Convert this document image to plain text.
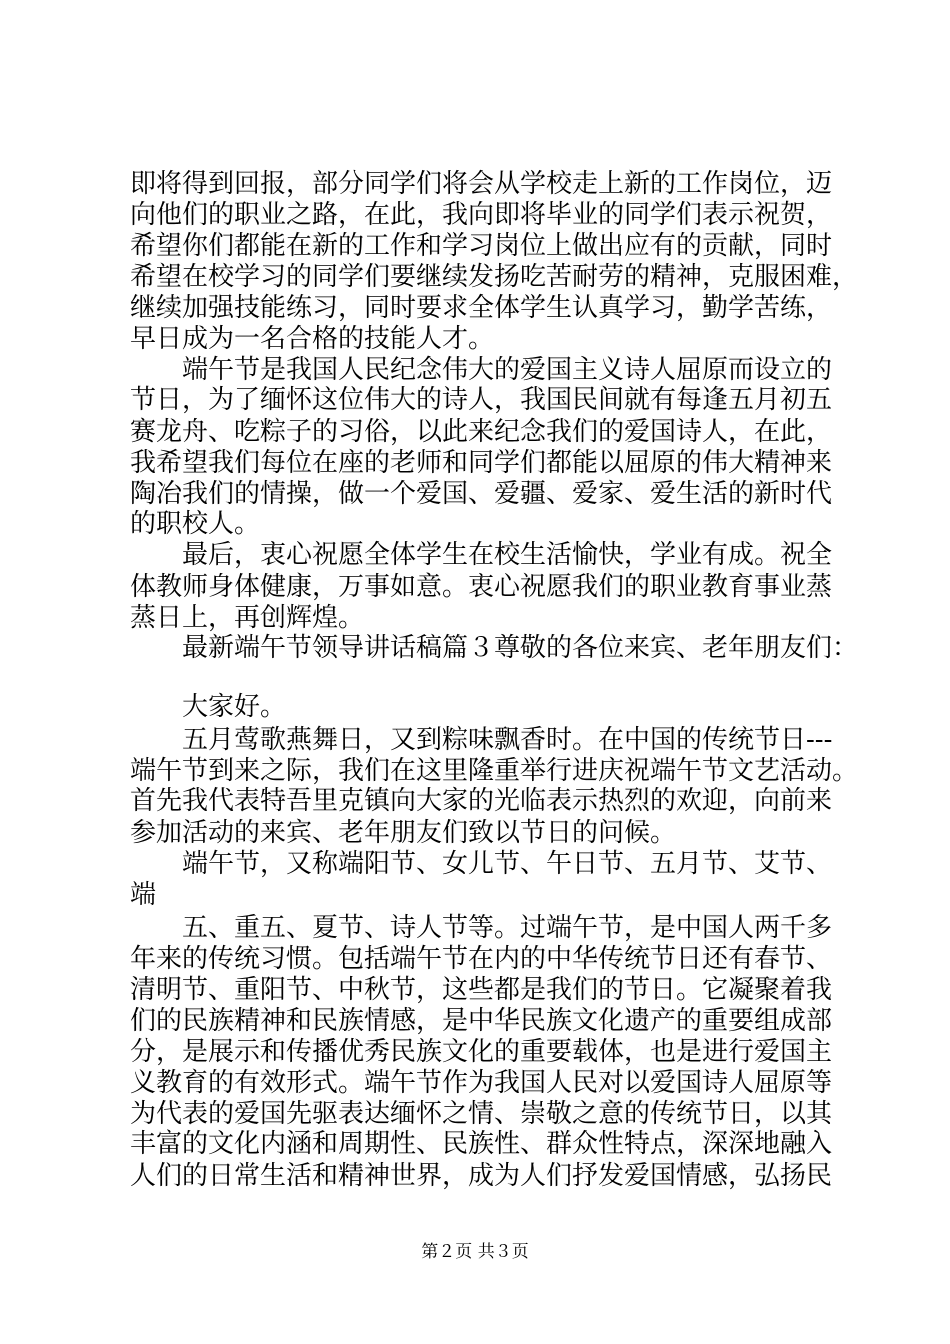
即将得到回报，部分同学们将会从学校走上新的工作岗位，迈
向他们的职业之路，在此，我向即将毕业的同学们表示祝贺，
希望你们都能在新的工作和学习岗位上做出应有的贡献，同时
希望在校学习的同学们要继续发扬吃苦耐劳的精神，克服困难，
继续加强技能练习，同时要求全体学生认真学习，勤学苦练，
早日成为一名合格的技能人才。
端午节是我国人民纪念伟大的爱国主义诗人屈原而设立的
节日，为了缅怀这位伟大的诗人，我国民间就有每逢五月初五
赛龙舟、吃粽子的习俗，以此来纪念我们的爱国诗人，在此，
我希望我们每位在座的老师和同学们都能以屈原的伟大精神来
陶冶我们的情操，做一个爱国、爱疆、爱家、爱生活的新时代
的职校人。
最后，衷心祝愿全体学生在校生活愉快，学业有成。祝全
体教师身体健康，万事如意。衷心祝愿我们的职业教育事业蒸
蒸日上，再创辉煌。
最新端午节领导讲话稿篇３尊敬的各位来宾、老年朋友们：
大家好。
五月莺歌燕舞日，又到粽味飘香时。在中国的传统节日---
端午节到来之际，我们在这里隆重举行进庆祝端午节文艺活动。
首先我代表特吾里克镇向大家的光临表示热烈的欢迎，向前来
参加活动的来宾、老年朋友们致以节日的问候。
端午节，又称端阳节、女儿节、午日节、五月节、艾节、
端
五、重五、夏节、诗人节等。过端午节，是中国人两千多
年来的传统习惯。包括端午节在内的中华传统节日还有春节、
清明节、重阳节、中秋节，这些都是我们的节日。它凝聚着我
们的民族精神和民族情感，是中华民族文化遗产的重要组成部
分，是展示和传播优秀民族文化的重要载体，也是进行爱国主
义教育的有效形式。端午节作为我国人民对以爱国诗人屈原等
为代表的爱国先驱表达缅怀之情、崇敬之意的传统节日，以其
丰富的文化内涵和周期性、民族性、群众性特点，深深地融入
人们的日常生活和精神世界，成为人们抒发爱国情感，弘扬民
第２页 共３页
